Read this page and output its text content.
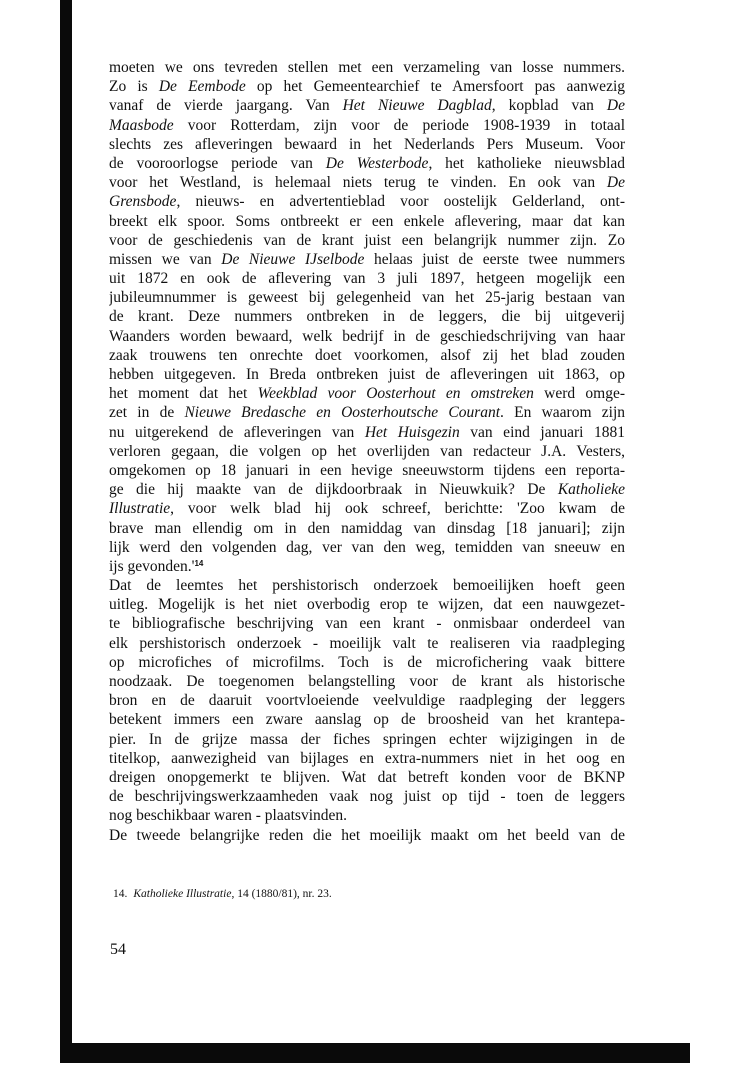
moeten we ons tevreden stellen met een verzameling van losse nummers.
Zo is De Eembode op het Gemeentearchief te Amersfoort pas aanwezig
vanaf de vierde jaargang. Van Het Nieuwe Dagblad, kopblad van De
Maasbode voor Rotterdam, zijn voor de periode 1908-1939 in totaal
slechts zes afleveringen bewaard in het Nederlands Pers Museum. Voor
de vooroorlogse periode van De Westerbode, het katholieke nieuwsblad
voor het Westland, is helemaal niets terug te vinden. En ook van De
Grensbode, nieuws- en advertentieblad voor oostelijk Gelderland, ont-
breekt elk spoor. Soms ontbreekt er een enkele aflevering, maar dat kan
voor de geschiedenis van de krant juist een belangrijk nummer zijn. Zo
missen we van De Nieuwe IJselbode helaas juist de eerste twee nummers
uit 1872 en ook de aflevering van 3 juli 1897, hetgeen mogelijk een
jubileumnummer is geweest bij gelegenheid van het 25-jarig bestaan van
de krant. Deze nummers ontbreken in de leggers, die bij uitgeverij
Waanders worden bewaard, welk bedrijf in de geschiedschrijving van haar
zaak trouwens ten onrechte doet voorkomen, alsof zij het blad zouden
hebben uitgegeven. In Breda ontbreken juist de afleveringen uit 1863, op
het moment dat het Weekblad voor Oosterhout en omstreken werd omge-
zet in de Nieuwe Bredasche en Oosterhoutsche Courant. En waarom zijn
nu uitgerekend de afleveringen van Het Huisgezin van eind januari 1881
verloren gegaan, die volgen op het overlijden van redacteur J.A. Vesters,
omgekomen op 18 januari in een hevige sneeuwstorm tijdens een reporta-
ge die hij maakte van de dijkdoorbraak in Nieuwkuik? De Katholieke
Illustratie, voor welk blad hij ook schreef, berichtte: 'Zoo kwam de
brave man ellendig om in den namiddag van dinsdag [18 januari]; zijn
lijk werd den volgenden dag, ver van den weg, temidden van sneeuw en
ijs gevonden.'$^{14}$
Dat de leemtes het pershistorisch onderzoek bemoeilijken hoeft geen
uitleg. Mogelijk is het niet overbodig erop te wijzen, dat een nauwgezet-
te bibliografische beschrijving van een krant - onmisbaar onderdeel van
elk pershistorisch onderzoek - moeilijk valt te realiseren via raadpleging
op microfiches of microfilms. Toch is de microfichering vaak bittere
noodzaak. De toegenomen belangstelling voor de krant als historische
bron en de daaruit voortvloeiende veelvuldige raadpleging der leggers
betekent immers een zware aanslag op de broosheid van het krantepa-
pier. In de grijze massa der fiches springen echter wijzigingen in de
titelkop, aanwezigheid van bijlages en extra-nummers niet in het oog en
dreigen onopgemerkt te blijven. Wat dat betreft konden voor de BKNP
de beschrijvingswerkzaamheden vaak nog juist op tijd - toen de leggers
nog beschikbaar waren - plaatsvinden.
De tweede belangrijke reden die het moeilijk maakt om het beeld van de
14. Katholieke Illustratie, 14 (1880/81), nr. 23.
54
